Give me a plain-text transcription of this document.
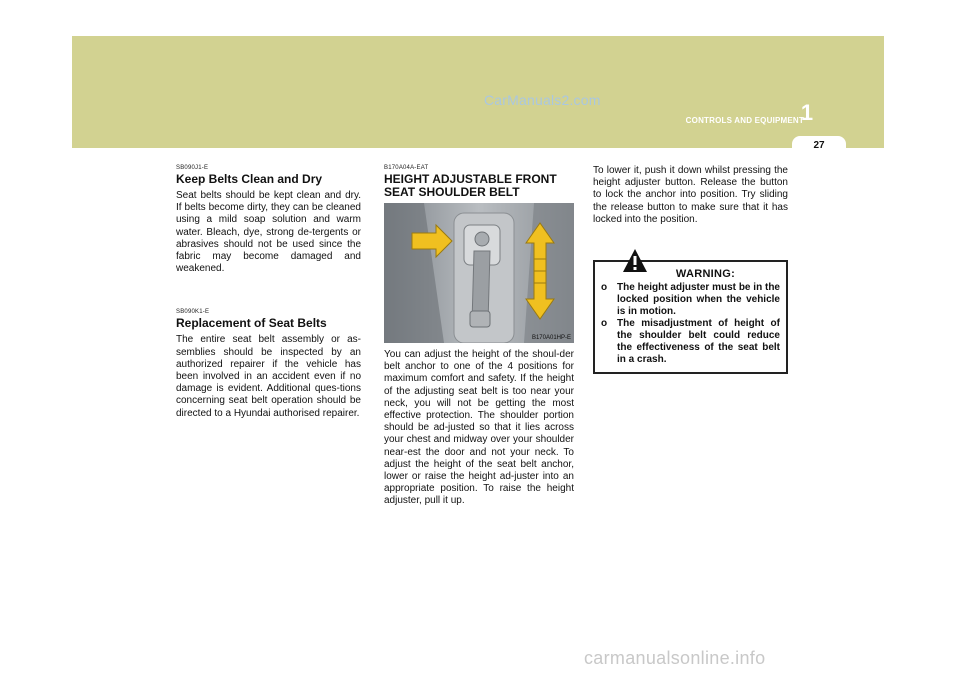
CarManuals2.com
CONTROLS AND EQUIPMENT
1
27
SB090J1-E
Keep Belts Clean and Dry

Seat belts should be kept clean and dry. If belts become dirty, they can be cleaned using a mild soap solution and warm water. Bleach, dye, strong de-tergents or abrasives should not be used since the fabric may become damaged and weakened.

SB090K1-E
Replacement of Seat Belts

The entire seat belt assembly or as-semblies should be inspected by an authorized repairer if the vehicle has been involved in an accident even if no damage is evident. Additional ques-tions concerning seat belt operation should be directed to a Hyundai authorised repairer.

B170A04A-EAT
HEIGHT ADJUSTABLE FRONT
SEAT SHOULDER BELT
B170A01HP-E

You can adjust the height of the shoul-der belt anchor to one of the 4 positions for maximum comfort and safety. If the height of the adjusting seat belt is too near your neck, you will not be getting the most effective protection. The shoulder portion should be ad-justed so that it lies across your chest and midway over your shoulder near-est the door and not your neck. To adjust the height of the seat belt anchor, lower or raise the height ad-juster into an appropriate position. To raise the height adjuster, pull it up.

To lower it, push it down whilst pressing the height adjuster button. Release the button to lock the anchor into position. Try sliding the release button to make sure that it has locked into the position.

WARNING:
o The height adjuster must be in the locked position when the vehicle is in motion.
o The misadjustment of height of the shoulder belt could reduce the effectiveness of the seat belt in a crash.
carmanualsonline.info
